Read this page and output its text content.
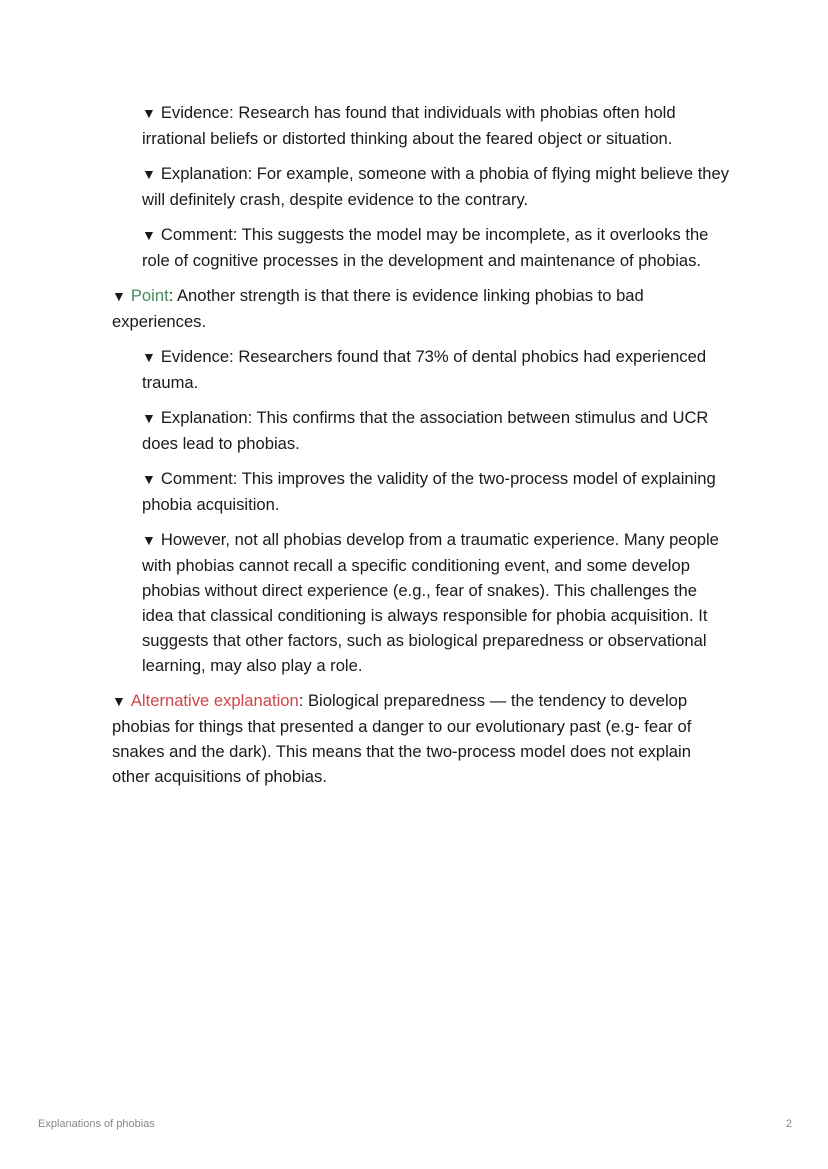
▼ Evidence: Research has found that individuals with phobias often hold irrational beliefs or distorted thinking about the feared object or situation.
▼ Explanation: For example, someone with a phobia of flying might believe they will definitely crash, despite evidence to the contrary.
▼ Comment: This suggests the model may be incomplete, as it overlooks the role of cognitive processes in the development and maintenance of phobias.
▼ Point: Another strength is that there is evidence linking phobias to bad experiences.
▼ Evidence: Researchers found that 73% of dental phobics had experienced trauma.
▼ Explanation: This confirms that the association between stimulus and UCR does lead to phobias.
▼ Comment: This improves the validity of the two-process model of explaining phobia acquisition.
▼ However, not all phobias develop from a traumatic experience. Many people with phobias cannot recall a specific conditioning event, and some develop phobias without direct experience (e.g., fear of snakes). This challenges the idea that classical conditioning is always responsible for phobia acquisition. It suggests that other factors, such as biological preparedness or observational learning, may also play a role.
▼ Alternative explanation: Biological preparedness — the tendency to develop phobias for things that presented a danger to our evolutionary past (e.g- fear of snakes and the dark). This means that the two-process model does not explain other acquisitions of phobias.
Explanations of phobias	2
